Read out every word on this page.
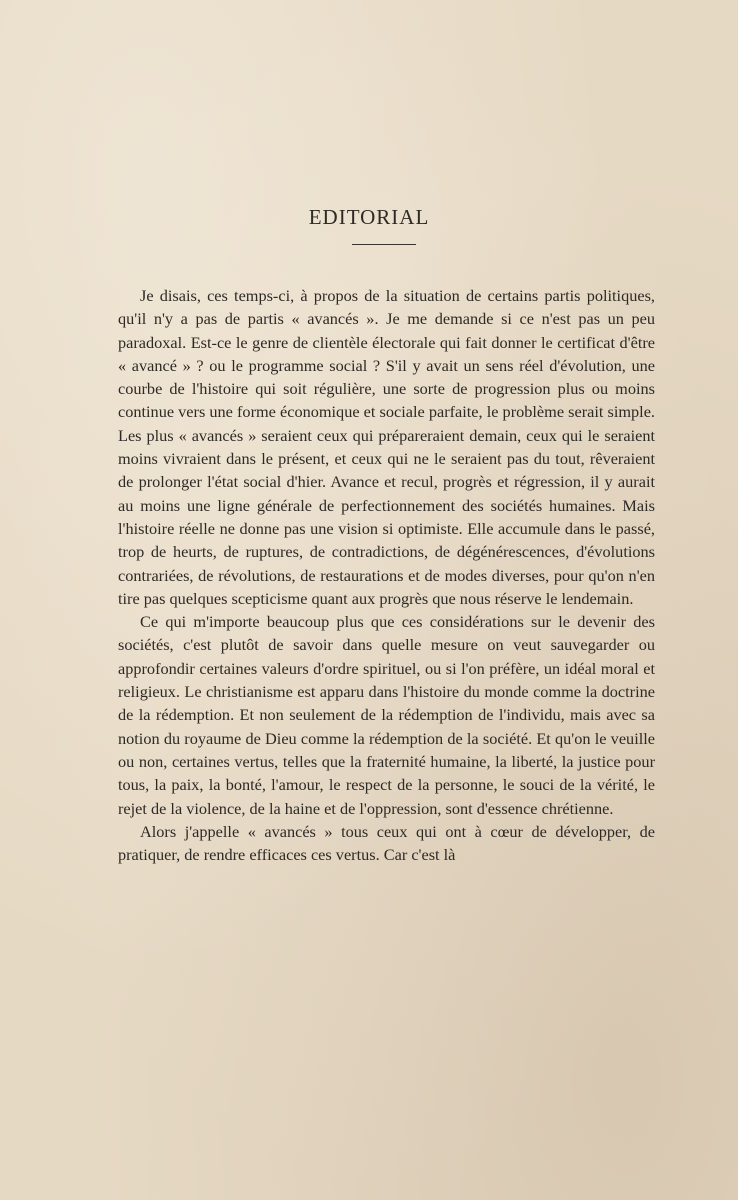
EDITORIAL

Je disais, ces temps-ci, à propos de la situation de certains partis politiques, qu'il n'y a pas de partis « avancés ». Je me demande si ce n'est pas un peu paradoxal. Est-ce le genre de clientèle électorale qui fait donner le certificat d'être « avancé » ? ou le programme social ? S'il y avait un sens réel d'évolution, une courbe de l'histoire qui soit régulière, une sorte de progression plus ou moins continue vers une forme économique et sociale parfaite, le problème serait simple. Les plus « avancés » seraient ceux qui prépareraient demain, ceux qui le seraient moins vivraient dans le présent, et ceux qui ne le seraient pas du tout, rêveraient de prolonger l'état social d'hier. Avance et recul, progrès et régression, il y aurait au moins une ligne générale de perfectionnement des sociétés humaines. Mais l'histoire réelle ne donne pas une vision si optimiste. Elle accumule dans le passé, trop de heurts, de ruptures, de contradictions, de dégénérescences, d'évolutions contrariées, de révolutions, de restaurations et de modes diverses, pour qu'on n'en tire pas quelques scepticisme quant aux progrès que nous réserve le lendemain.

Ce qui m'importe beaucoup plus que ces considérations sur le devenir des sociétés, c'est plutôt de savoir dans quelle mesure on veut sauvegarder ou approfondir certaines valeurs d'ordre spirituel, ou si l'on préfère, un idéal moral et religieux. Le christianisme est apparu dans l'histoire du monde comme la doctrine de la rédemption. Et non seulement de la rédemption de l'individu, mais avec sa notion du royaume de Dieu comme la rédemption de la société. Et qu'on le veuille ou non, certaines vertus, telles que la fraternité humaine, la liberté, la justice pour tous, la paix, la bonté, l'amour, le respect de la personne, le souci de la vérité, le rejet de la violence, de la haine et de l'oppression, sont d'essence chrétienne.

Alors j'appelle « avancés » tous ceux qui ont à cœur de développer, de pratiquer, de rendre efficaces ces vertus. Car c'est là
